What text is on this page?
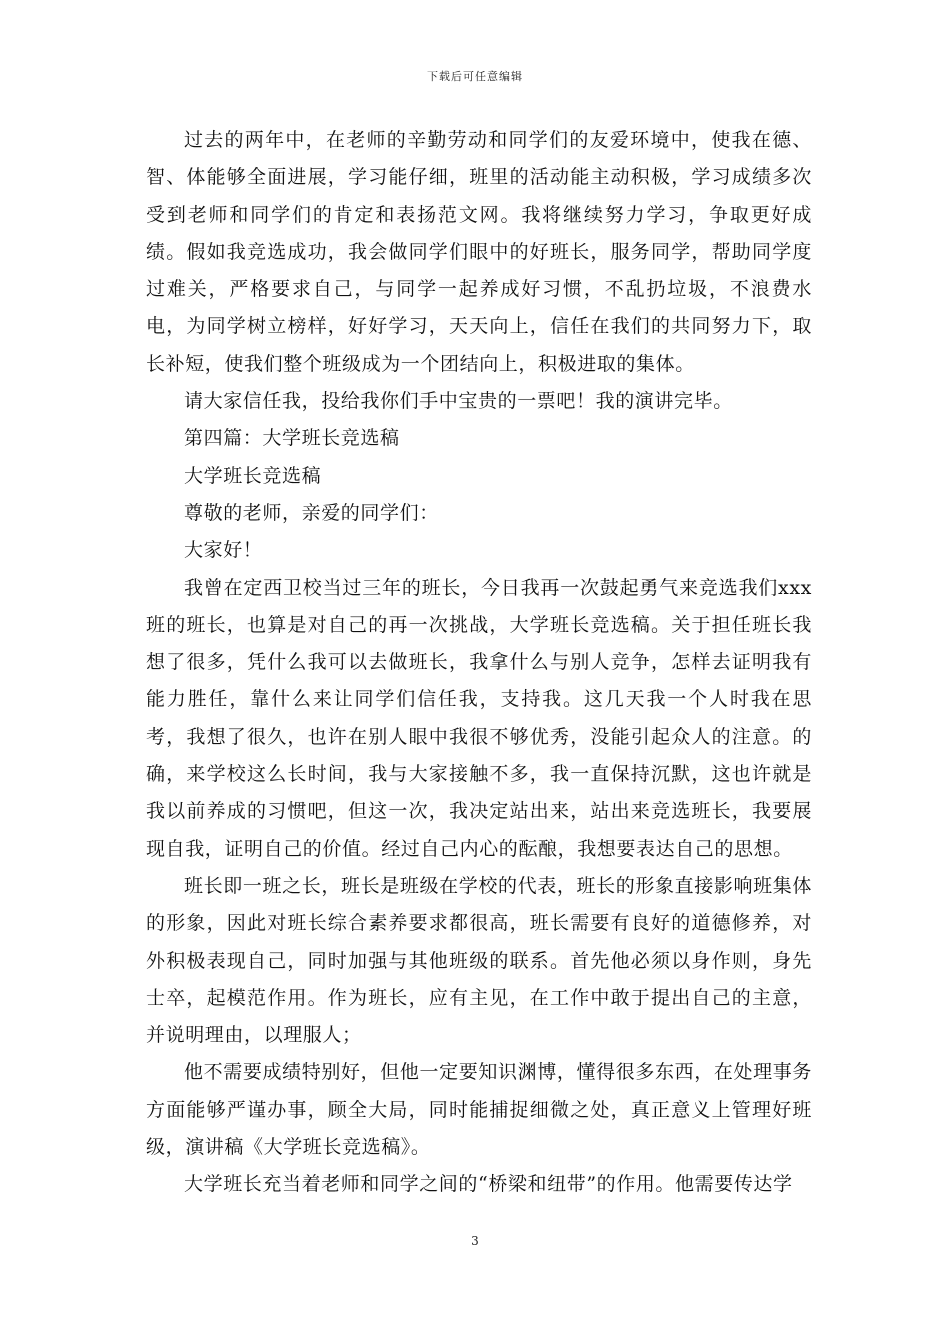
下载后可任意编辑

过去的两年中，在老师的辛勤劳动和同学们的友爱环境中，使我在德、智、体能够全面进展，学习能仔细，班里的活动能主动积极，学习成绩多次受到老师和同学们的肯定和表扬范文网。我将继续努力学习，争取更好成绩。假如我竞选成功，我会做同学们眼中的好班长，服务同学，帮助同学度过难关，严格要求自己，与同学一起养成好习惯，不乱扔垃圾，不浪费水电，为同学树立榜样，好好学习，天天向上，信任在我们的共同努力下，取长补短，使我们整个班级成为一个团结向上，积极进取的集体。

请大家信任我，投给我你们手中宝贵的一票吧！我的演讲完毕。

第四篇：大学班长竞选稿

大学班长竞选稿

尊敬的老师，亲爱的同学们：

大家好！

我曾在定西卫校当过三年的班长，今日我再一次鼓起勇气来竞选我们xxx班的班长，也算是对自己的再一次挑战，大学班长竞选稿。关于担任班长我想了很多，凭什么我可以去做班长，我拿什么与别人竞争，怎样去证明我有能力胜任，靠什么来让同学们信任我，支持我。这几天我一个人时我在思考，我想了很久，也许在别人眼中我很不够优秀，没能引起众人的注意。的确，来学校这么长时间，我与大家接触不多，我一直保持沉默，这也许就是我以前养成的习惯吧，但这一次，我决定站出来，站出来竞选班长，我要展现自我，证明自己的价值。经过自己内心的酝酿，我想要表达自己的思想。

班长即一班之长，班长是班级在学校的代表，班长的形象直接影响班集体的形象，因此对班长综合素养要求都很高，班长需要有良好的道德修养，对外积极表现自己，同时加强与其他班级的联系。首先他必须以身作则，身先士卒，起模范作用。作为班长，应有主见，在工作中敢于提出自己的主意，并说明理由，以理服人；

他不需要成绩特别好，但他一定要知识渊博，懂得很多东西，在处理事务方面能够严谨办事，顾全大局，同时能捕捉细微之处，真正意义上管理好班级，演讲稿《大学班长竞选稿》。

大学班长充当着老师和同学之间的“桥梁和纽带”的作用。他需要传达学

3
